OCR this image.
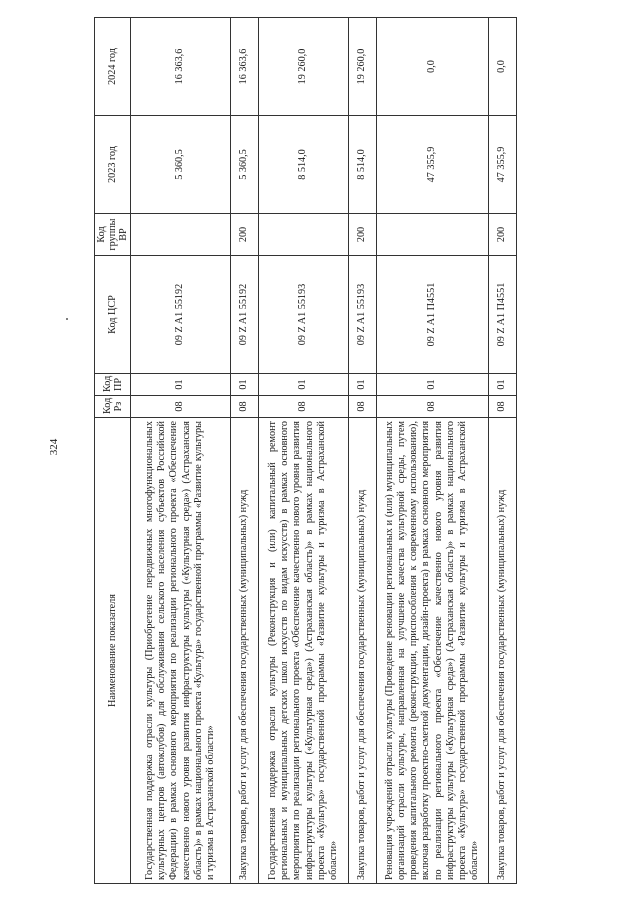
324
Наименование показателя	Код Рз	Код ПР	Код ЦСР	Код группы ВР	2023 год	2024 год
Государственная поддержка отрасли культуры (Приобретение передвижных многофункциональных культурных центров (автоклубов) для обслуживания сельского населения субъектов Российской Федерации) в рамках основного мероприятия по реализации регионального проекта «Обеспечение качественно нового уровня развития инфраструктуры культуры («Культурная среда») (Астраханская область)» в рамках национального проекта «Культура» государственной программы «Развитие культуры и туризма в Астраханской области»	08	01	09 Z A1 55192		5 360,5	16 363,6
Закупка товаров, работ и услуг для обеспечения государственных (муниципальных) нужд	08	01	09 Z A1 55192	200	5 360,5	16 363,6
Государственная поддержка отрасли культуры (Реконструкция и (или) капитальный ремонт региональных и муниципальных детских школ искусств по видам искусств) в рамках основного мероприятия по реализации регионального проекта «Обеспечение качественно нового уровня развития инфраструктуры культуры («Культурная среда») (Астраханская область)» в рамках национального проекта «Культура» государственной программы «Развитие культуры и туризма в Астраханской области»	08	01	09 Z A1 55193		8 514,0	19 260,0
Закупка товаров, работ и услуг для обеспечения государственных (муниципальных) нужд	08	01	09 Z A1 55193	200	8 514,0	19 260,0
Реновация учреждений отрасли культуры (Проведение реновации региональных и (или) муниципальных организаций отрасли культуры, направленная на улучшение качества культурной среды, путем проведения капитального ремонта (реконструкции, приспособления к современному использованию), включая разработку проектно-сметной документации, дизайн-проекта) в рамках основного мероприятия по реализации регионального проекта «Обеспечение качественно нового уровня развития инфраструктуры культуры («Культурная среда») (Астраханская область)» в рамках национального проекта «Культура» государственной программы «Развитие культуры и туризма в Астраханской области»	08	01	09 Z A1 П4551		47 355,9	0,0
Закупка товаров, работ и услуг для обеспечения государственных (муниципальных) нужд	08	01	09 Z A1 П4551	200	47 355,9	0,0
